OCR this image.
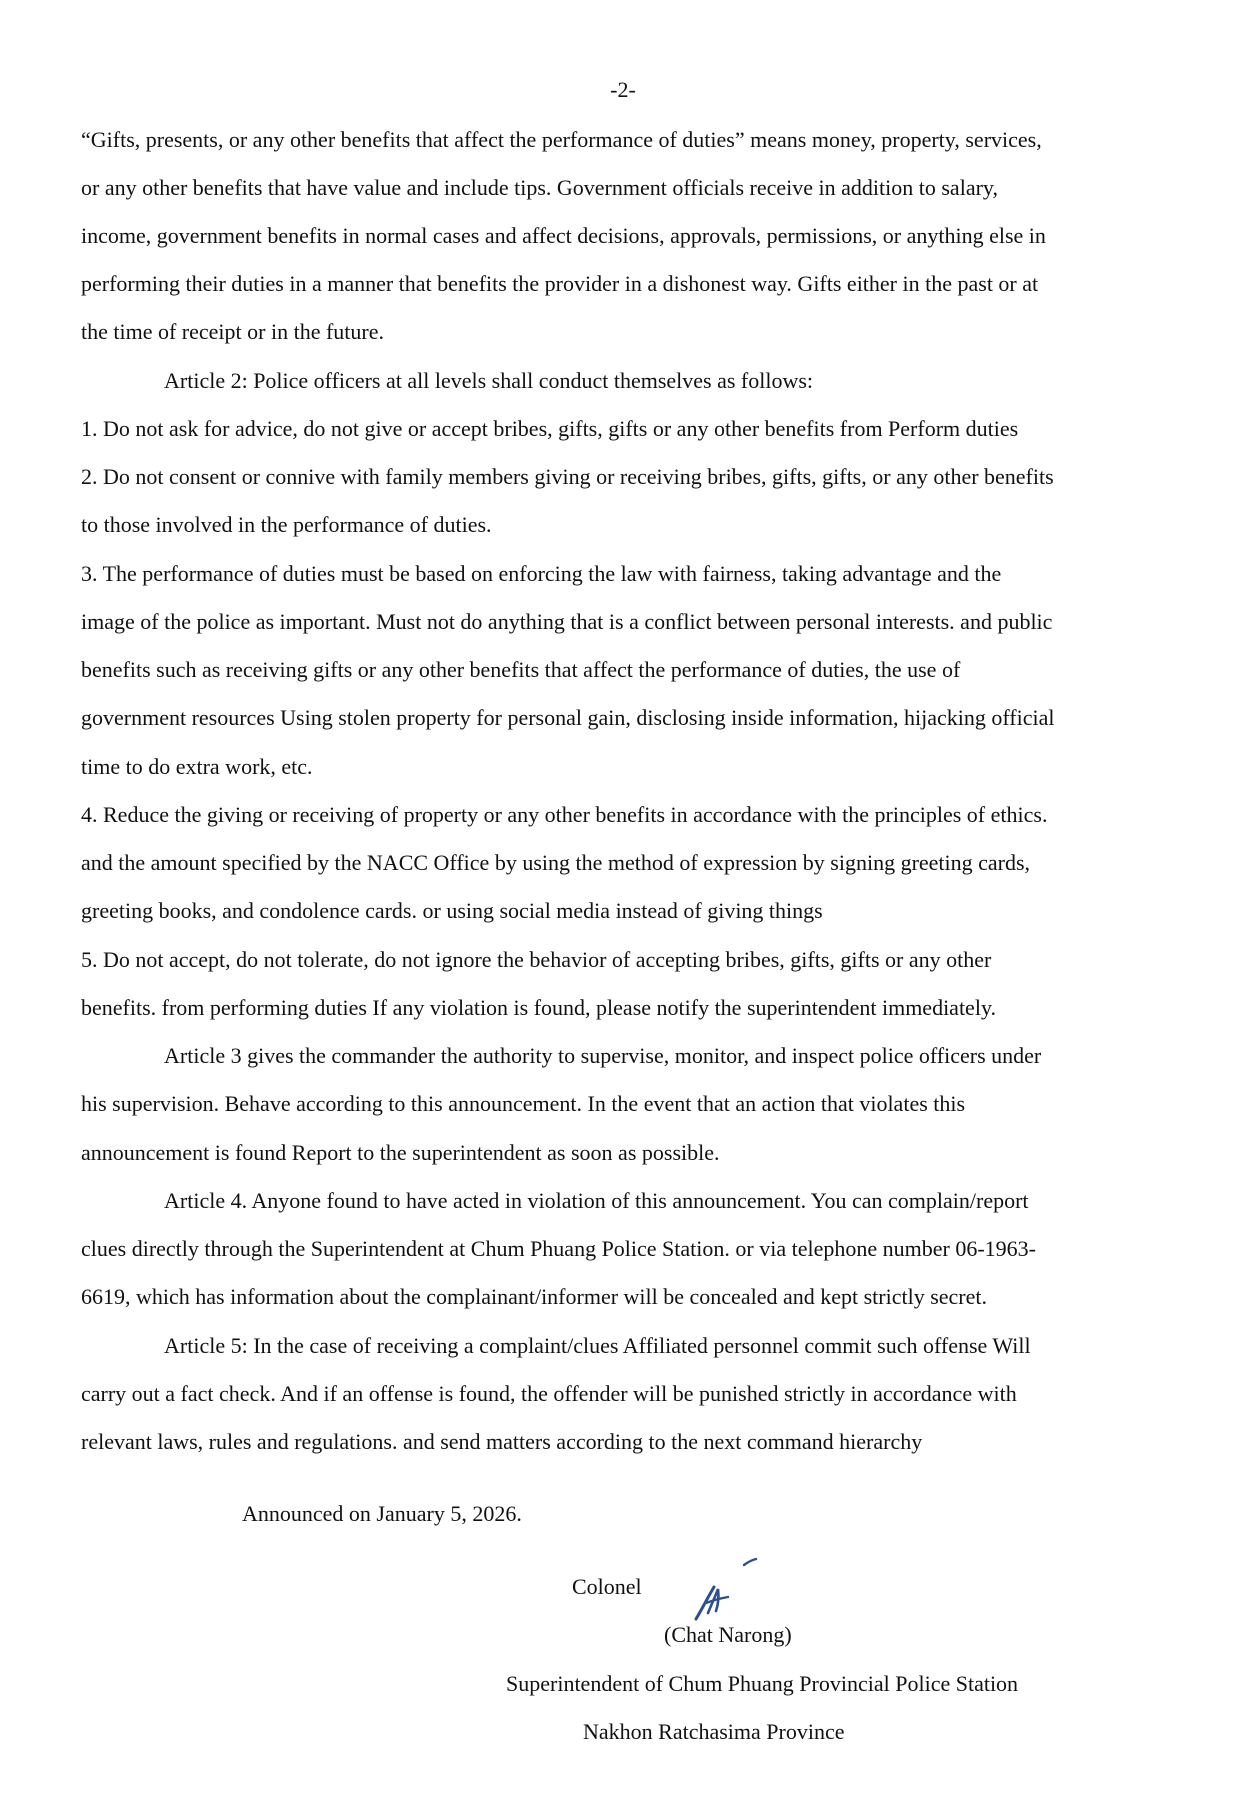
-2-
“Gifts, presents, or any other benefits that affect the performance of duties” means money, property, services,
or any other benefits that have value and include tips. Government officials receive in addition to salary,
income, government benefits in normal cases and affect decisions, approvals, permissions, or anything else in
performing their duties in a manner that benefits the provider in a dishonest way. Gifts either in the past or at
the time of receipt or in the future.
Article 2: Police officers at all levels shall conduct themselves as follows:
1. Do not ask for advice, do not give or accept bribes, gifts, gifts or any other benefits from Perform duties
2. Do not consent or connive with family members giving or receiving bribes, gifts, gifts, or any other benefits
to those involved in the performance of duties.
3. The performance of duties must be based on enforcing the law with fairness, taking advantage and the
image of the police as important. Must not do anything that is a conflict between personal interests. and public
benefits such as receiving gifts or any other benefits that affect the performance of duties, the use of
government resources Using stolen property for personal gain, disclosing inside information, hijacking official
time to do extra work, etc.
4. Reduce the giving or receiving of property or any other benefits in accordance with the principles of ethics.
and the amount specified by the NACC Office by using the method of expression by signing greeting cards,
greeting books, and condolence cards. or using social media instead of giving things
5. Do not accept, do not tolerate, do not ignore the behavior of accepting bribes, gifts, gifts or any other
benefits. from performing duties If any violation is found, please notify the superintendent immediately.
Article 3 gives the commander the authority to supervise, monitor, and inspect police officers under
his supervision. Behave according to this announcement. In the event that an action that violates this
announcement is found Report to the superintendent as soon as possible.
Article 4. Anyone found to have acted in violation of this announcement. You can complain/report
clues directly through the Superintendent at Chum Phuang Police Station. or via telephone number 06-1963-
6619, which has information about the complainant/informer will be concealed and kept strictly secret.
Article 5: In the case of receiving a complaint/clues Affiliated personnel commit such offense Will
carry out a fact check. And if an offense is found, the offender will be punished strictly in accordance with
relevant laws, rules and regulations. and send matters according to the next command hierarchy
Announced on January 5, 2026.
Colonel
(Chat Narong)
Superintendent of Chum Phuang Provincial Police Station
Nakhon Ratchasima Province
